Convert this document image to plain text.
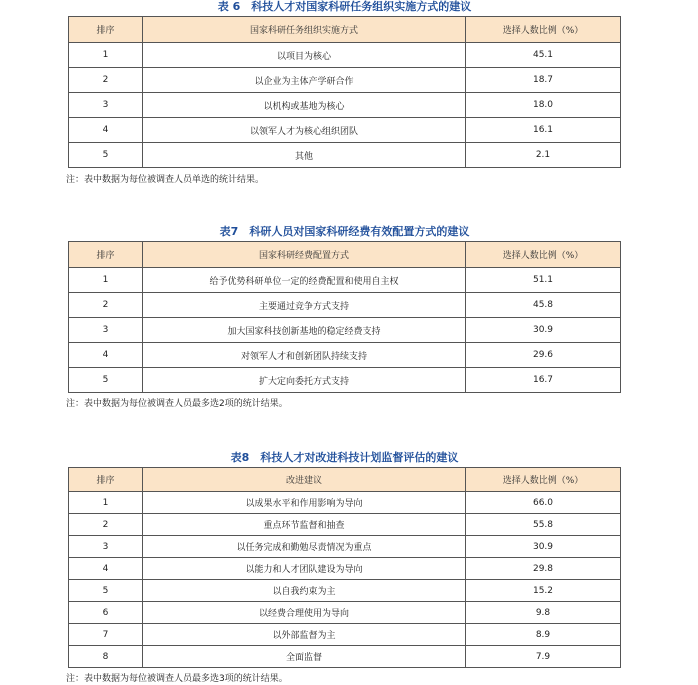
表 6　科技人才对国家科研任务组织实施方式的建议
排序	国家科研任务组织实施方式	选择人数比例（%）
1	以项目为核心	45.1
2	以企业为主体产学研合作	18.7
3	以机构或基地为核心	18.0
4	以领军人才为核心组织团队	16.1
5	其他	2.1
注：表中数据为每位被调查人员单选的统计结果。
表7　科研人员对国家科研经费有效配置方式的建议
排序	国家科研经费配置方式	选择人数比例（%）
1	给予优势科研单位一定的经费配置和使用自主权	51.1
2	主要通过竞争方式支持	45.8
3	加大国家科技创新基地的稳定经费支持	30.9
4	对领军人才和创新团队持续支持	29.6
5	扩大定向委托方式支持	16.7
注：表中数据为每位被调查人员最多选2项的统计结果。
表8　科技人才对改进科技计划监督评估的建议
排序	改进建议	选择人数比例（%）
1	以成果水平和作用影响为导向	66.0
2	重点环节监督和抽查	55.8
3	以任务完成和勤勉尽责情况为重点	30.9
4	以能力和人才团队建设为导向	29.8
5	以自我约束为主	15.2
6	以经费合理使用为导向	9.8
7	以外部监督为主	8.9
8	全面监督	7.9
注：表中数据为每位被调查人员最多选3项的统计结果。
